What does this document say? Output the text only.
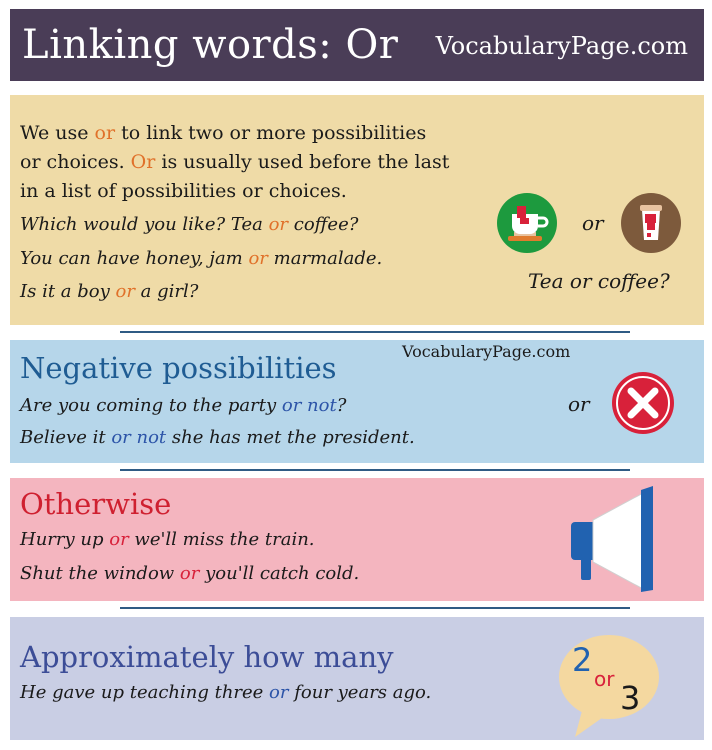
Linking words: Or VocabularyPage.com
We use or to link two or more possibilities
or choices. Or is usually used before the last
in a list of possibilities or choices.
Which would you like? Tea or coffee?
You can have honey, jam or marmalade.
Is it a boy or a girl?
or
Tea or coffee?
Negative possibilities	VocabularyPage.com
Are you coming to the party or not?
Believe it or not she has met the president.
or
Otherwise
Hurry up or we'll miss the train.
Shut the window or you'll catch cold.
Approximately how many
He gave up teaching three or four years ago.
2 or 3
